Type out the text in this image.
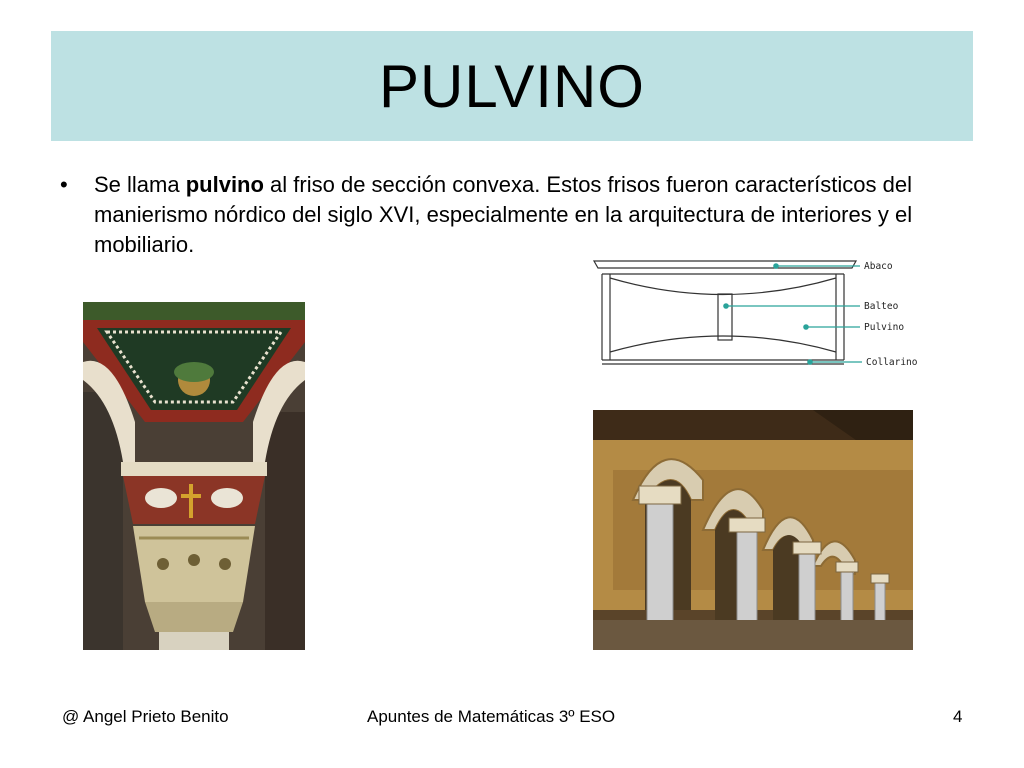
PULVINO
• Se llama pulvino al friso de sección convexa. Estos frisos fueron característicos del manierismo nórdico del siglo XVI, especialmente en la arquitectura de interiores y el mobiliario.
Abaco
Balteo
Pulvino
Collarino
@ Angel Prieto Benito	Apuntes de Matemáticas 3º ESO	4
